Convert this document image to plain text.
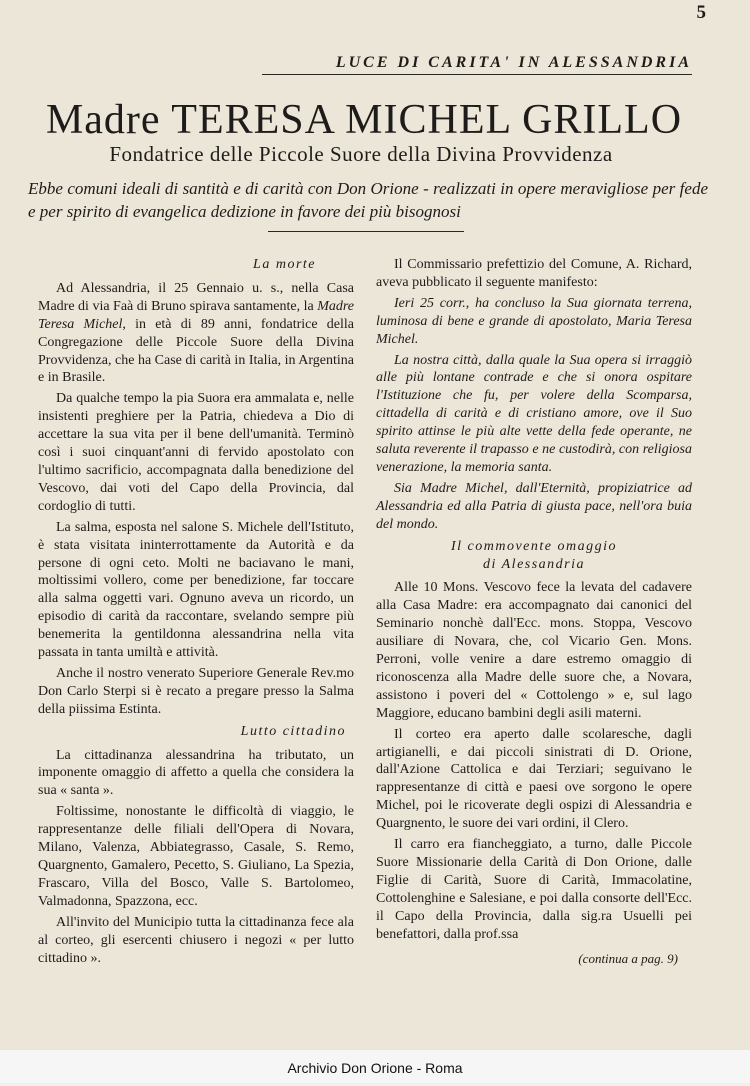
5
LUCE DI CARITA' IN ALESSANDRIA
Madre TERESA MICHEL GRILLO
Fondatrice delle Piccole Suore della Divina Provvidenza
Ebbe comuni ideali di santità e di carità con Don Orione - realizzati in opere meravigliose per fede e per spirito di evangelica dedizione in favore dei più bisognosi
La morte

Ad Alessandria, il 25 Gennaio u. s., nella Casa Madre di via Faà di Bruno spirava santamente, la Madre Teresa Michel, in età di 89 anni, fondatrice della Congregazione delle Piccole Suore della Divina Provvidenza, che ha Case di carità in Italia, in Argentina e in Brasile.

Da qualche tempo la pia Suora era ammalata e, nelle insistenti preghiere per la Patria, chiedeva a Dio di accettare la sua vita per il bene dell'umanità. Terminò così i suoi cinquant'anni di fervido apostolato con l'ultimo sacrificio, accompagnata dalla benedizione del Vescovo, dai voti del Capo della Provincia, dal cordoglio di tutti.

La salma, esposta nel salone S. Michele dell'Istituto, è stata visitata ininterrottamente da Autorità e da persone di ogni ceto. Molti ne baciavano le mani, moltissimi vollero, come per benedizione, far toccare alla salma oggetti vari. Ognuno aveva un ricordo, un episodio di carità da raccontare, svelando sempre più benemerita la gentildonna alessandrina nella vita passata in tanta umiltà e attività.

Anche il nostro venerato Superiore Generale Rev.mo Don Carlo Sterpi si è recato a pregare presso la Salma della piissima Estinta.

Lutto cittadino

La cittadinanza alessandrina ha tributato, un imponente omaggio di affetto a quella che considera la sua « santa ».

Foltissime, nonostante le difficoltà di viaggio, le rappresentanze delle filiali dell'Opera di Novara, Milano, Valenza, Abbiategrasso, Casale, S. Remo, Quargnento, Gamalero, Pecetto, S. Giuliano, La Spezia, Frascaro, Villa del Bosco, Valle S. Bartolomeo, Valmadonna, Spazzona, ecc.

All'invito del Municipio tutta la cittadinanza fece ala al corteo, gli esercenti chiusero i negozi « per lutto cittadino ».

Il Commissario prefettizio del Comune, A. Richard, aveva pubblicato il seguente manifesto:

Ieri 25 corr., ha concluso la Sua giornata terrena, luminosa di bene e grande di apostolato, Maria Teresa Michel.

La nostra città, dalla quale la Sua opera si irraggiò alle più lontane contrade e che si onora ospitare l'Istituzione che fu, per volere della Scomparsa, cittadella di carità e di cristiano amore, ove il Suo spirito attinse le più alte vette della fede operante, ne saluta reverente il trapasso e ne custodirà, con religiosa venerazione, la memoria santa.

Sia Madre Michel, dall'Eternità, propiziatrice ad Alessandria ed alla Patria di giusta pace, nell'ora buia del mondo.

Il commovente omaggio
di Alessandria

Alle 10 Mons. Vescovo fece la levata del cadavere alla Casa Madre: era accompagnato dai canonici del Seminario nonchè dall'Ecc. mons. Stoppa, Vescovo ausiliare di Novara, che, col Vicario Gen. Mons. Perroni, volle venire a dare estremo omaggio di riconoscenza alla Madre delle suore che, a Novara, assistono i poveri del « Cottolengo » e, sul lago Maggiore, educano bambini degli asili materni.

Il corteo era aperto dalle scolaresche, dagli artigianelli, e dai piccoli sinistrati di D. Orione, dall'Azione Cattolica e dai Terziari; seguivano le rappresentanze di città e paesi ove sorgono le opere Michel, poi le ricoverate degli ospizi di Alessandria e Quargnento, le suore dei vari ordini, il Clero.

Il carro era fiancheggiato, a turno, dalle Piccole Suore Missionarie della Carità di Don Orione, dalle Figlie di Carità, Suore di Carità, Immacolatine, Cottolenghine e Salesiane, e poi dalla consorte dell'Ecc. il Capo della Provincia, dalla sig.ra Usuelli pei benefattori, dalla prof.ssa

(continua a pag. 9)
Archivio Don Orione - Roma
